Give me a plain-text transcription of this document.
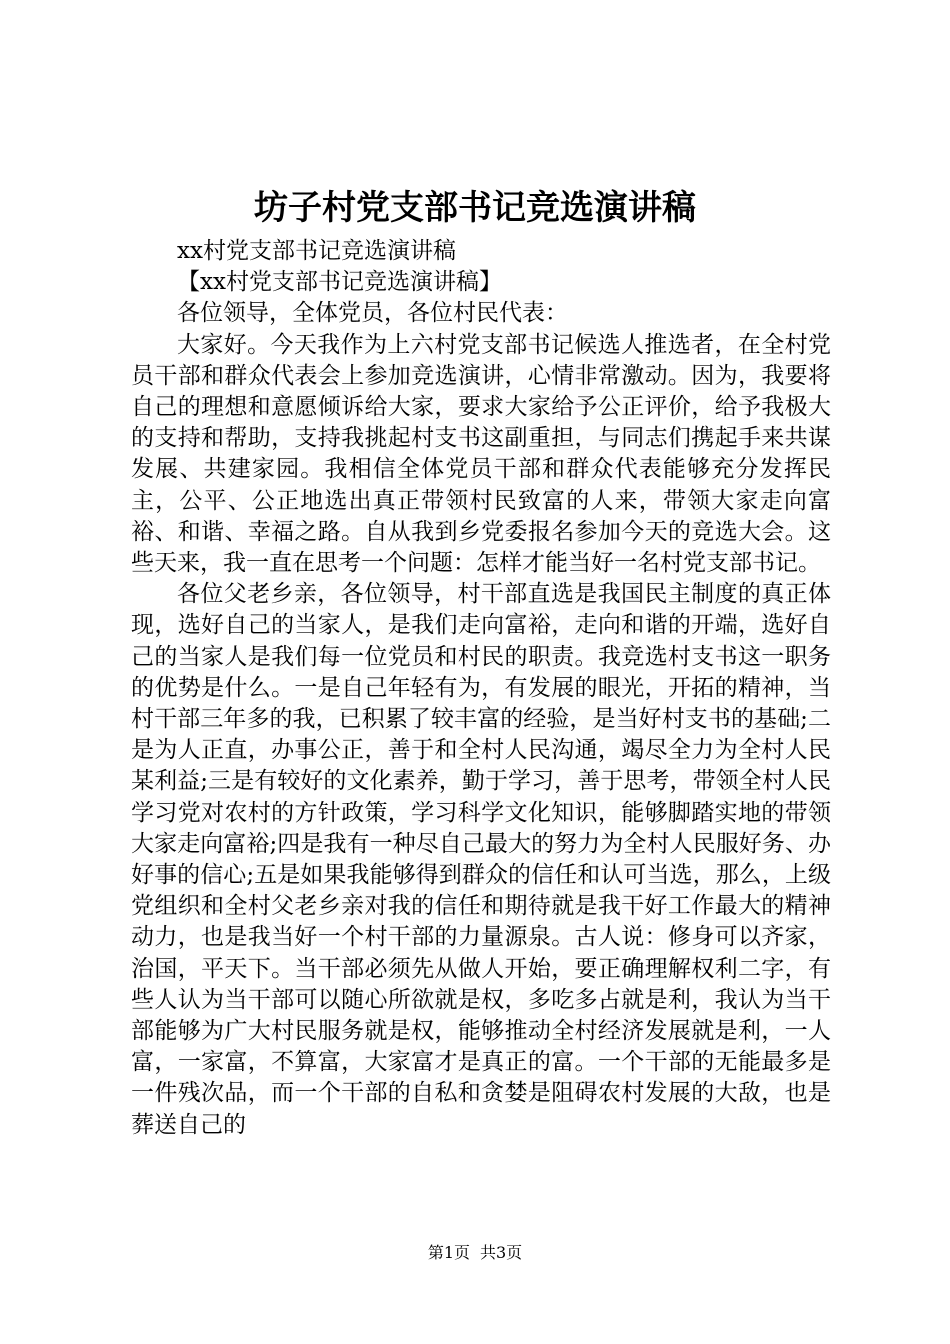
坊子村党支部书记竞选演讲稿

xx村党支部书记竞选演讲稿

【xx村党支部书记竞选演讲稿】

各位领导，全体党员，各位村民代表：

大家好。今天我作为上六村党支部书记候选人推选者，在全村党员干部和群众代表会上参加竞选演讲，心情非常激动。因为，我要将自己的理想和意愿倾诉给大家，要求大家给予公正评价，给予我极大的支持和帮助，支持我挑起村支书这副重担，与同志们携起手来共谋发展、共建家园。我相信全体党员干部和群众代表能够充分发挥民主，公平、公正地选出真正带领村民致富的人来，带领大家走向富裕、和谐、幸福之路。自从我到乡党委报名参加今天的竞选大会。这些天来，我一直在思考一个问题：怎样才能当好一名村党支部书记。

各位父老乡亲，各位领导，村干部直选是我国民主制度的真正体现，选好自己的当家人，是我们走向富裕，走向和谐的开端，选好自己的当家人是我们每一位党员和村民的职责。我竞选村支书这一职务的优势是什么。一是自己年轻有为，有发展的眼光，开拓的精神，当村干部三年多的我，已积累了较丰富的经验，是当好村支书的基础;二是为人正直，办事公正，善于和全村人民沟通，竭尽全力为全村人民某利益;三是有较好的文化素养，勤于学习，善于思考，带领全村人民学习党对农村的方针政策，学习科学文化知识，能够脚踏实地的带领大家走向富裕;四是我有一种尽自己最大的努力为全村人民服好务、办好事的信心;五是如果我能够得到群众的信任和认可当选，那么，上级党组织和全村父老乡亲对我的信任和期待就是我干好工作最大的精神动力，也是我当好一个村干部的力量源泉。古人说：修身可以齐家，治国，平天下。当干部必须先从做人开始，要正确理解权利二字，有些人认为当干部可以随心所欲就是权，多吃多占就是利，我认为当干部能够为广大村民服务就是权，能够推动全村经济发展就是利，一人富，一家富，不算富，大家富才是真正的富。一个干部的无能最多是一件残次品，而一个干部的自私和贪婪是阻碍农村发展的大敌，也是葬送自己的

第1页 共3页
